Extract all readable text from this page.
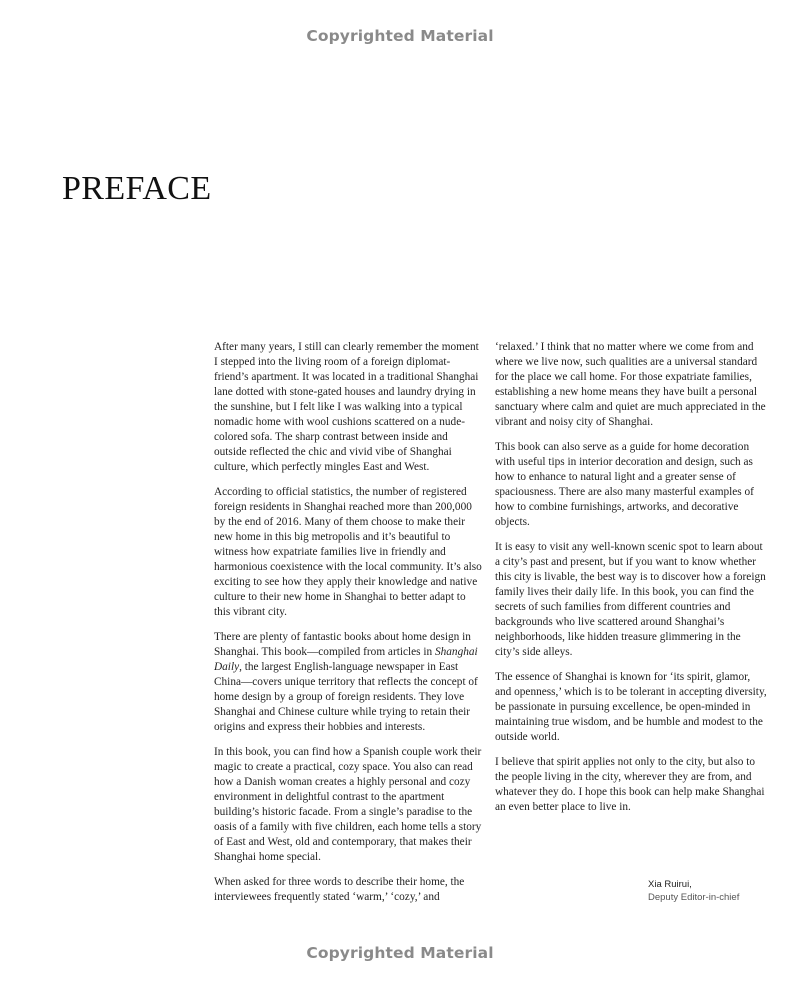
Copyrighted Material
PREFACE

After many years, I still can clearly remember the moment I stepped into the living room of a foreign diplomat-friend’s apartment. It was located in a traditional Shanghai lane dotted with stone-gated houses and laundry drying in the sunshine, but I felt like I was walking into a typical nomadic home with wool cushions scattered on a nude-colored sofa. The sharp contrast between inside and outside reflected the chic and vivid vibe of Shanghai culture, which perfectly mingles East and West.

According to official statistics, the number of registered foreign residents in Shanghai reached more than 200,000 by the end of 2016. Many of them choose to make their new home in this big metropolis and it’s beautiful to witness how expatriate families live in friendly and harmonious coexistence with the local community. It’s also exciting to see how they apply their knowledge and native culture to their new home in Shanghai to better adapt to this vibrant city.

There are plenty of fantastic books about home design in Shanghai. This book—compiled from articles in Shanghai Daily, the largest English-language newspaper in East China—covers unique territory that reflects the concept of home design by a group of foreign residents. They love Shanghai and Chinese culture while trying to retain their origins and express their hobbies and interests.

In this book, you can find how a Spanish couple work their magic to create a practical, cozy space. You also can read how a Danish woman creates a highly personal and cozy environment in delightful contrast to the apartment building’s historic facade. From a single’s paradise to the oasis of a family with five children, each home tells a story of East and West, old and contemporary, that makes their Shanghai home special.

When asked for three words to describe their home, the interviewees frequently stated ‘warm,’ ‘cozy,’ and

‘relaxed.’ I think that no matter where we come from and where we live now, such qualities are a universal standard for the place we call home. For those expatriate families, establishing a new home means they have built a personal sanctuary where calm and quiet are much appreciated in the vibrant and noisy city of Shanghai.

This book can also serve as a guide for home decoration with useful tips in interior decoration and design, such as how to enhance to natural light and a greater sense of spaciousness. There are also many masterful examples of how to combine furnishings, artworks, and decorative objects.

It is easy to visit any well-known scenic spot to learn about a city’s past and present, but if you want to know whether this city is livable, the best way is to discover how a foreign family lives their daily life. In this book, you can find the secrets of such families from different countries and backgrounds who live scattered around Shanghai’s neighborhoods, like hidden treasure glimmering in the city’s side alleys.

The essence of Shanghai is known for ‘its spirit, glamor, and openness,’ which is to be tolerant in accepting diversity, be passionate in pursuing excellence, be open-minded in maintaining true wisdom, and be humble and modest to the outside world.

I believe that spirit applies not only to the city, but also to the people living in the city, wherever they are from, and whatever they do. I hope this book can help make Shanghai an even better place to live in.

Xia Ruirui,
Deputy Editor-in-chief
Copyrighted Material
